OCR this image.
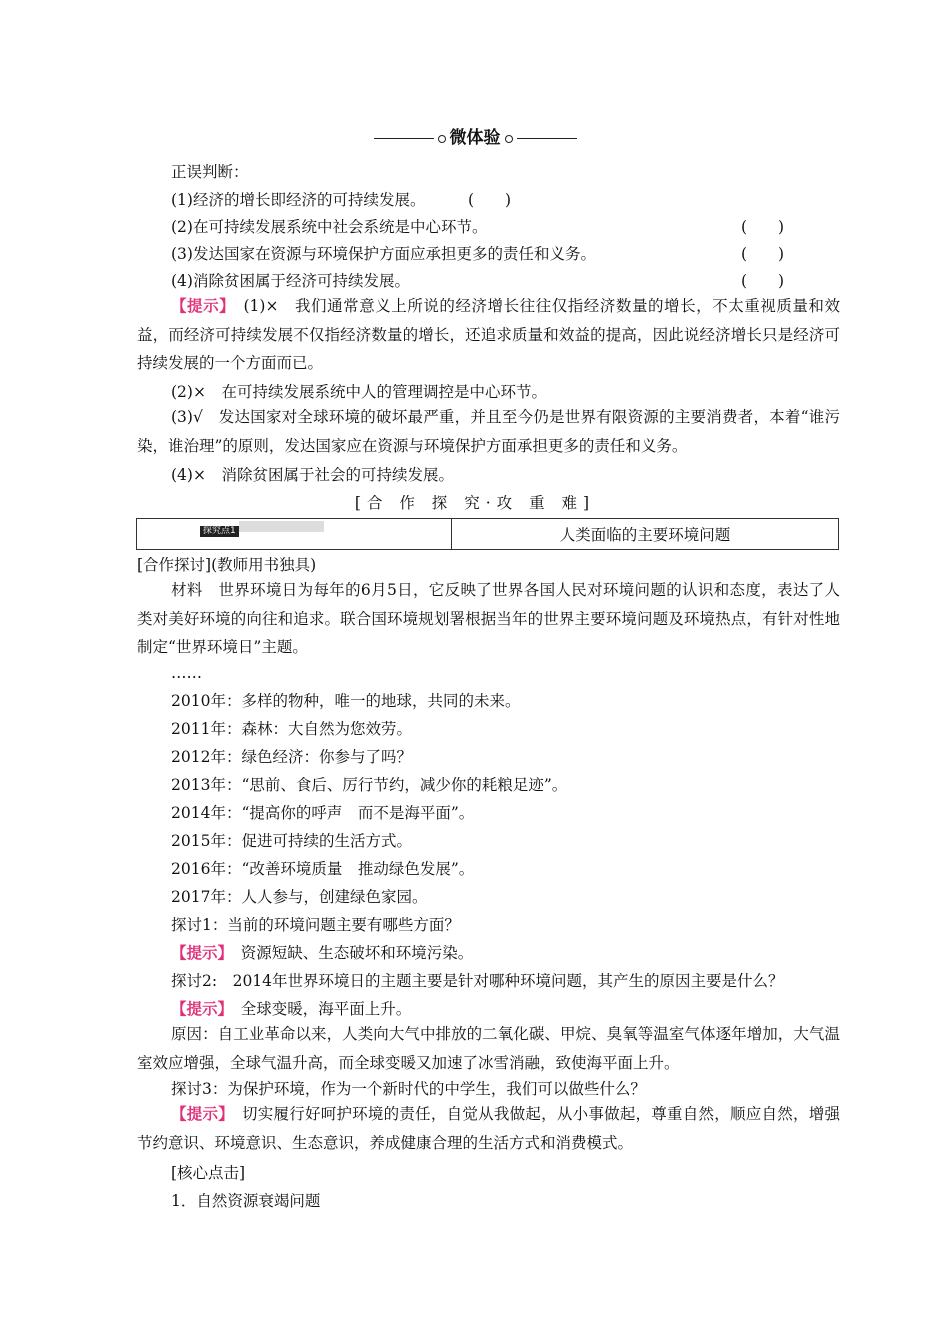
微体验
正误判断：
(1)经济的增长即经济的可持续发展。	(　　)
(2)在可持续发展系统中社会系统是中心环节。	(　　)
(3)发达国家在资源与环境保护方面应承担更多的责任和义务。	(　　)
(4)消除贫困属于经济可持续发展。	(　　)
【提示】　 (1)×　我们通常意义上所说的经济增长往往仅指经济数量的增长，不太重视质量和效益，而经济可持续发展不仅指经济数量的增长，还追求质量和效益的提高，因此说经济增长只是经济可持续发展的一个方面而已。
(2)×　在可持续发展系统中人的管理调控是中心环节。
(3)√　发达国家对全球环境的破坏最严重，并且至今仍是世界有限资源的主要消费者，本着“谁污染，谁治理”的原则，发达国家应在资源与环境保护方面承担更多的责任和义务。
(4)×　消除贫困属于社会的可持续发展。
[合 作 探 究·攻 重 难]
探究点1	人类面临的主要环境问题
[合作探讨](教师用书独具)
材料　世界环境日为每年的6月5日，它反映了世界各国人民对环境问题的认识和态度，表达了人类对美好环境的向往和追求。联合国环境规划署根据当年的世界主要环境问题及环境热点，有针对性地制定“世界环境日”主题。
……
2010年：多样的物种，唯一的地球，共同的未来。
2011年：森林：大自然为您效劳。
2012年：绿色经济：你参与了吗？
2013年：“思前、食后、厉行节约，减少你的耗粮足迹”。
2014年：“提高你的呼声　而不是海平面”。
2015年：促进可持续的生活方式。
2016年：“改善环境质量　推动绿色发展”。
2017年：人人参与，创建绿色家园。
探讨1：当前的环境问题主要有哪些方面？
【提示】　 资源短缺、生态破坏和环境污染。
探讨2:　2014年世界环境日的主题主要是针对哪种环境问题，其产生的原因主要是什么？
【提示】　 全球变暖，海平面上升。
原因：自工业革命以来，人类向大气中排放的二氧化碳、甲烷、臭氧等温室气体逐年增加，大气温室效应增强，全球气温升高，而全球变暖又加速了冰雪消融，致使海平面上升。
探讨3：为保护环境，作为一个新时代的中学生，我们可以做些什么？
【提示】　 切实履行好呵护环境的责任，自觉从我做起，从小事做起，尊重自然，顺应自然，增强节约意识、环境意识、生态意识，养成健康合理的生活方式和消费模式。
[核心点击]
1．自然资源衰竭问题
